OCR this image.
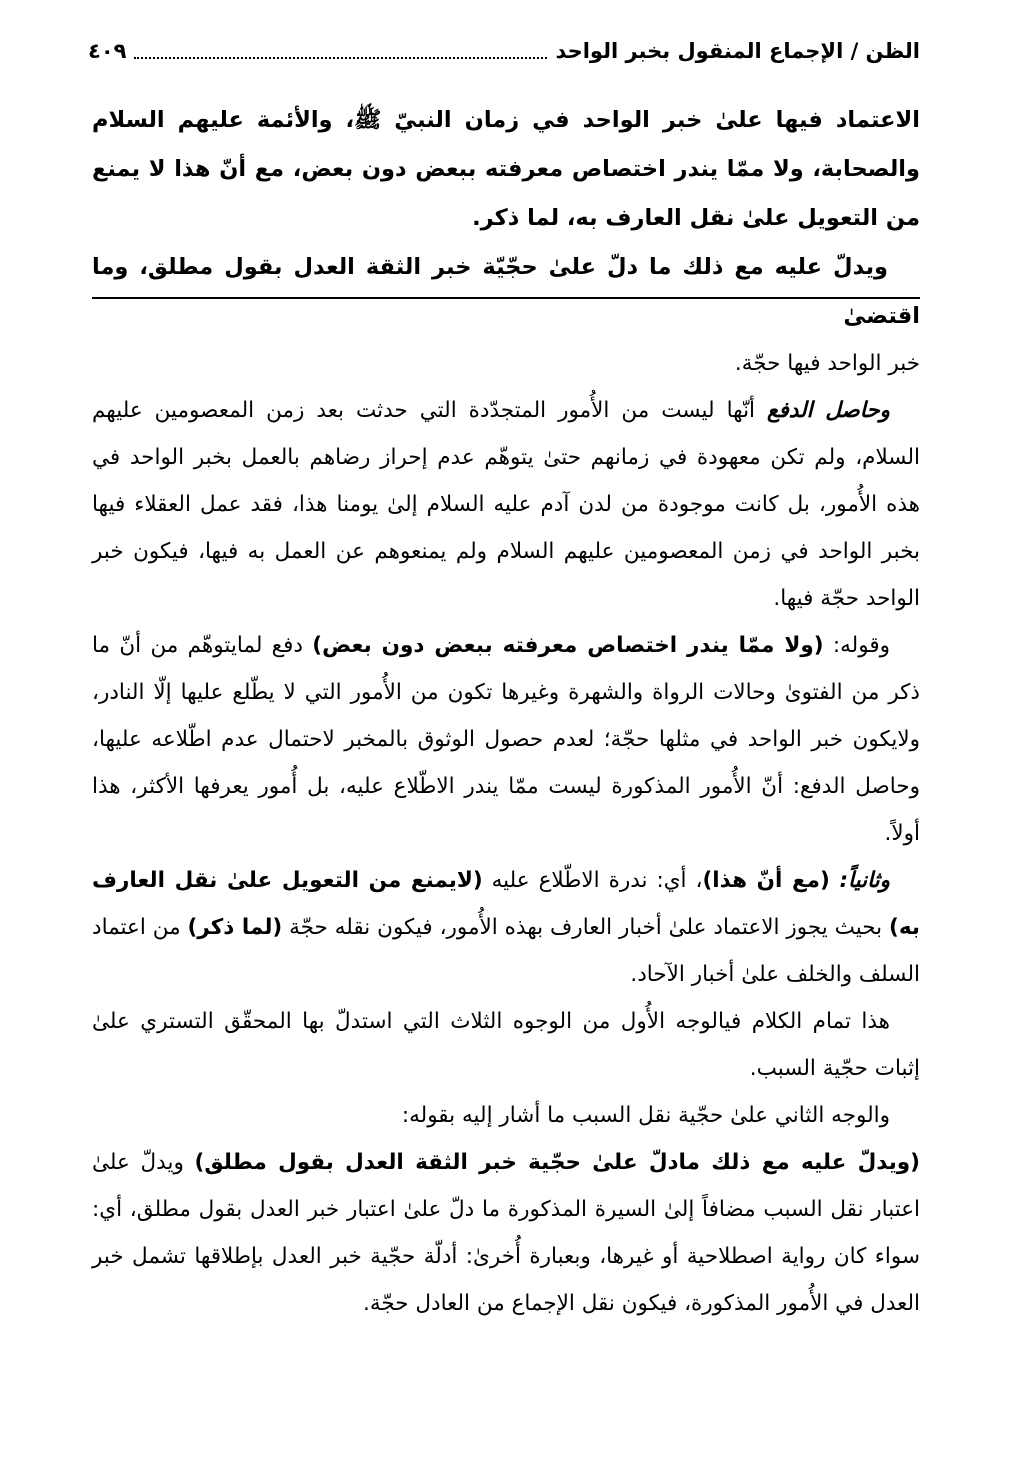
الظن / الإجماع المنقول بخبر الواحد
٤٠٩

الاعتماد فيها علىٰ خبر الواحد في زمان النبيّ ﷺ، والأئمة عليهم السلام والصحابة، ولا ممّا يندر اختصاص معرفته ببعض دون بعض، مع أنّ هذا لا يمنع من التعويل علىٰ نقل العارف به، لما ذكر.

ويدلّ عليه مع ذلك ما دلّ علىٰ حجّيّة خبر الثقة العدل بقول مطلق، وما اقتضىٰ

خبر الواحد فيها حجّة.

وحاصل الدفع أنّها ليست من الأُمور المتجدّدة التي حدثت بعد زمن المعصومين عليهم السلام، ولم تكن معهودة في زمانهم حتىٰ يتوهّم عدم إحراز رضاهم بالعمل بخبر الواحد في هذه الأُمور، بل كانت موجودة من لدن آدم عليه السلام إلىٰ يومنا هذا، فقد عمل العقلاء فيها بخبر الواحد في زمن المعصومين عليهم السلام ولم يمنعوهم عن العمل به فيها، فيكون خبر الواحد حجّة فيها.

وقوله: (ولا ممّا يندر اختصاص معرفته ببعض دون بعض) دفع لمايتوهّم من أنّ ما ذكر من الفتوىٰ وحالات الرواة والشهرة وغيرها تكون من الأُمور التي لا يطّلع عليها إلّا النادر، ولايكون خبر الواحد في مثلها حجّة؛ لعدم حصول الوثوق بالمخبر لاحتمال عدم اطّلاعه عليها، وحاصل الدفع: أنّ الأُمور المذكورة ليست ممّا يندر الاطّلاع عليه، بل أُمور يعرفها الأكثر، هذا أولاً.

وثانياً: (مع أنّ هذا)، أي: ندرة الاطّلاع عليه (لايمنع من التعويل علىٰ نقل العارف به) بحيث يجوز الاعتماد علىٰ أخبار العارف بهذه الأُمور، فيكون نقله حجّة (لما ذكر) من اعتماد السلف والخلف علىٰ أخبار الآحاد.

هذا تمام الكلام فيالوجه الأُول من الوجوه الثلاث التي استدلّ بها المحقّق التستري علىٰ إثبات حجّية السبب.

والوجه الثاني علىٰ حجّية نقل السبب ما أشار إليه بقوله:

(ويدلّ عليه مع ذلك مادلّ علىٰ حجّية خبر الثقة العدل بقول مطلق) ويدلّ علىٰ اعتبار نقل السبب مضافاً إلىٰ السيرة المذكورة ما دلّ علىٰ اعتبار خبر العدل بقول مطلق، أي: سواء كان رواية اصطلاحية أو غيرها، وبعبارة أُخرىٰ: أدلّة حجّية خبر العدل بإطلاقها تشمل خبر العدل في الأُمور المذكورة، فيكون نقل الإجماع من العادل حجّة.
